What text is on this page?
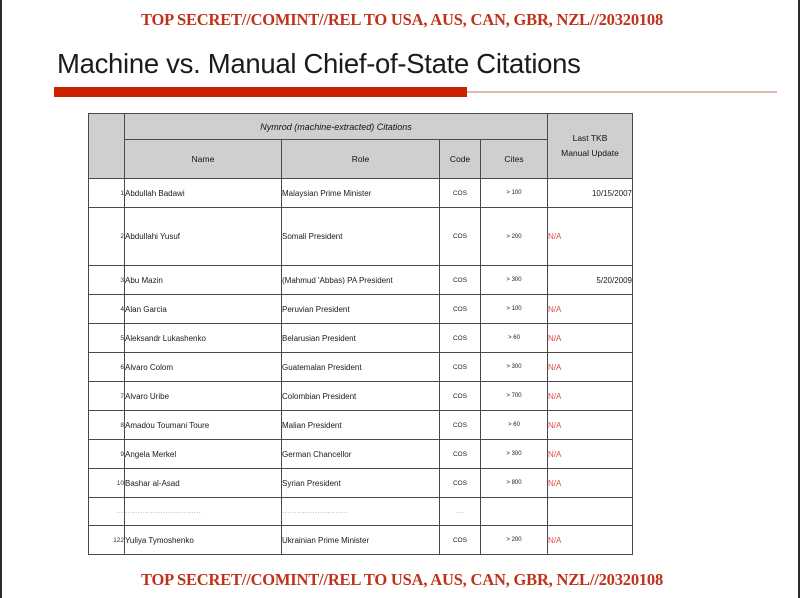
TOP SECRET//COMINT//REL TO USA, AUS, CAN, GBR, NZL//20320108
Machine vs. Manual Chief-of-State Citations
	Nymrod (machine-extracted) Citations				Last TKB
Manual Update

	Name	Role	Code	Cites	
1	Abdullah Badawi	Malaysian Prime Minister	COS	> 100	10/15/2007

2	Abdullahi Yusuf	Somali President	COS	> 200	N/A

3	Abu Mazin	(Mahmud 'Abbas) PA President	COS	> 300	5/20/2009

4	Alan Garcia	Peruvian President	COS	> 100	N/A

5	Aleksandr Lukashenko	Belarusian President	COS	> 60	N/A

6	Alvaro Colom	Guatemalan President	COS	> 300	N/A

7	Alvaro Uribe	Colombian President	COS	> 700	N/A

8	Amadou Toumani Toure	Malian President	COS	> 60	N/A

9	Angela Merkel	German Chancellor	COS	> 300	N/A

10	Bashar al-Asad	Syrian President	COS	> 800	N/A

...	..............................	..........................	...		

122	Yuliya Tymoshenko	Ukrainian Prime Minister	COS	> 200	N/A
TOP SECRET//COMINT//REL TO USA, AUS, CAN, GBR, NZL//20320108
